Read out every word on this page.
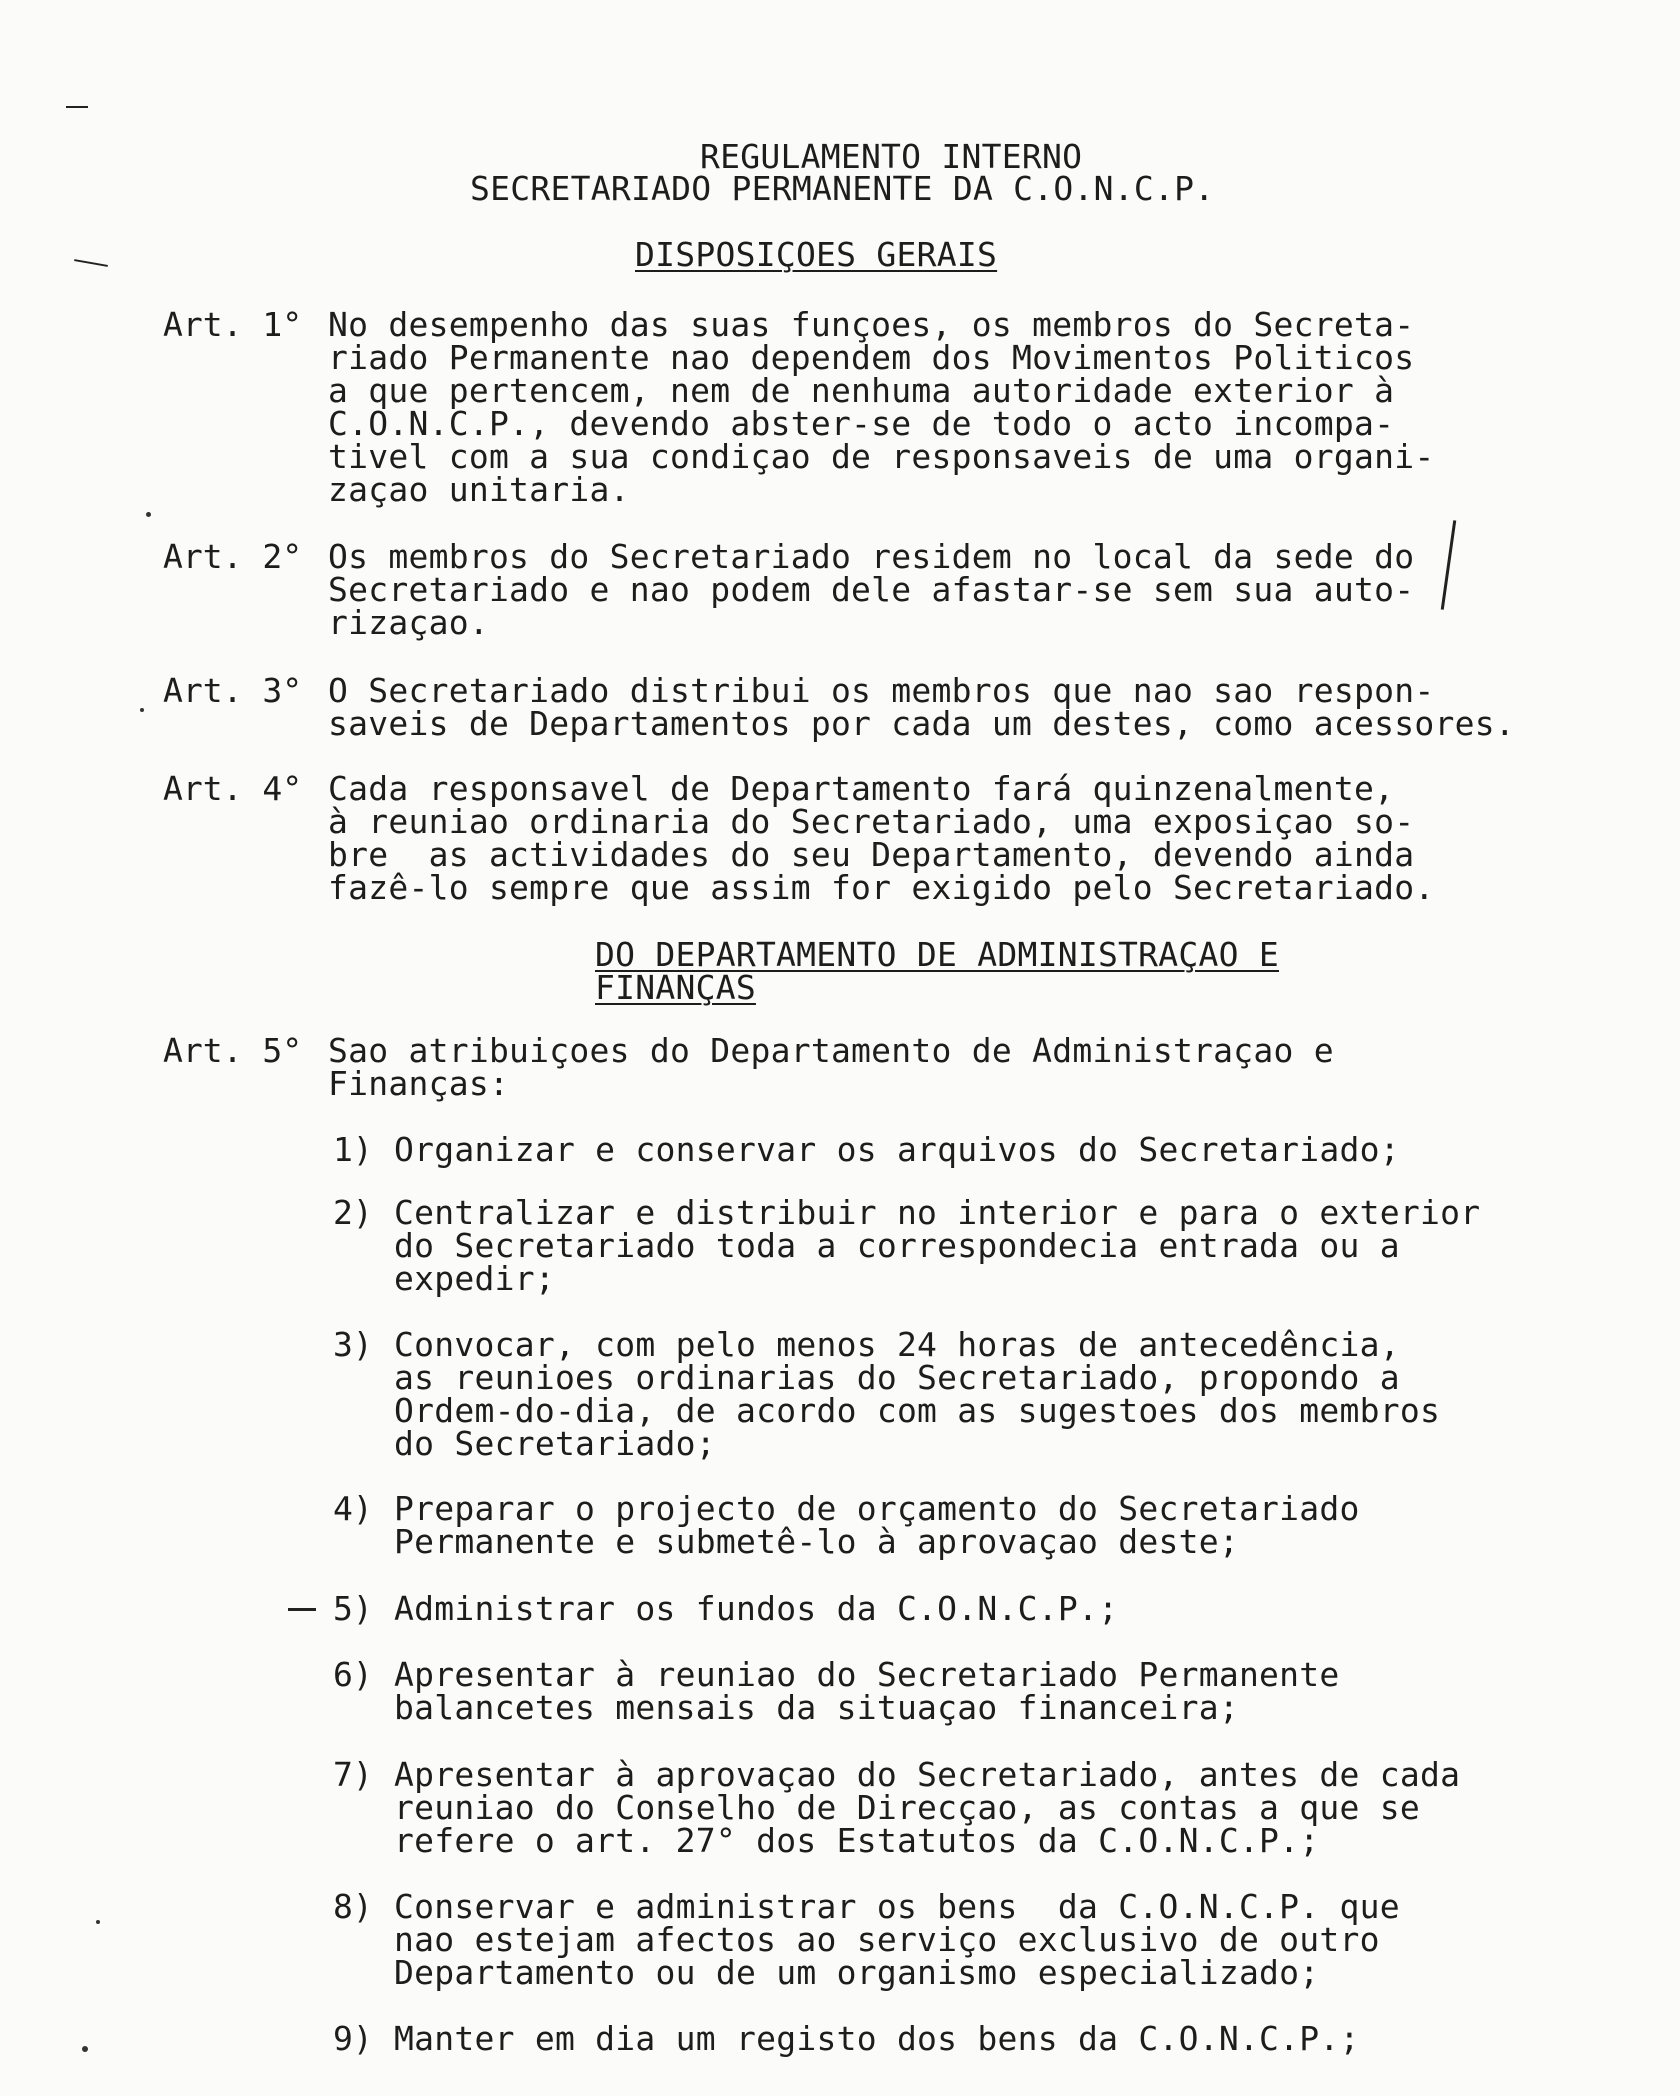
REGULAMENTO INTERNO
SECRETARIADO PERMANENTE DA C.O.N.C.P.
DISPOSIÇOES GERAIS
Art. 1° No desempenho das suas funçoes, os membros do Secreta-
riado Permanente nao dependem dos Movimentos Politicos
a que pertencem, nem de nenhuma autoridade exterior à
C.O.N.C.P., devendo abster-se de todo o acto incompa-
tivel com a sua condiçao de responsaveis de uma organi-
zaçao unitaria.
Art. 2° Os membros do Secretariado residem no local da sede do
Secretariado e nao podem dele afastar-se sem sua auto-
rizaçao.
Art. 3° O Secretariado distribui os membros que nao sao respon-
saveis de Departamentos por cada um destes, como acessores.
Art. 4° Cada responsavel de Departamento fará quinzenalmente,
à reuniao ordinaria do Secretariado, uma exposiçao so-
bre  as actividades do seu Departamento, devendo ainda
fazê-lo sempre que assim for exigido pelo Secretariado.
DO DEPARTAMENTO DE ADMINISTRAÇAO E
FINANÇAS
Art. 5° Sao atribuiçoes do Departamento de Administraçao e
Finanças:
1) Organizar e conservar os arquivos do Secretariado;
2) Centralizar e distribuir no interior e para o exterior
do Secretariado toda a correspondecia entrada ou a
expedir;
3) Convocar, com pelo menos 24 horas de antecedência,
as reunioes ordinarias do Secretariado, propondo a
Ordem-do-dia, de acordo com as sugestoes dos membros
do Secretariado;
4) Preparar o projecto de orçamento do Secretariado
Permanente e submetê-lo à aprovaçao deste;
5) Administrar os fundos da C.O.N.C.P.;
6) Apresentar à reuniao do Secretariado Permanente
balancetes mensais da situaçao financeira;
7) Apresentar à aprovaçao do Secretariado, antes de cada
reuniao do Conselho de Direcçao, as contas a que se
refere o art. 27° dos Estatutos da C.O.N.C.P.;
8) Conservar e administrar os bens  da C.O.N.C.P. que
nao estejam afectos ao serviço exclusivo de outro
Departamento ou de um organismo especializado;
9) Manter em dia um registo dos bens da C.O.N.C.P.;
